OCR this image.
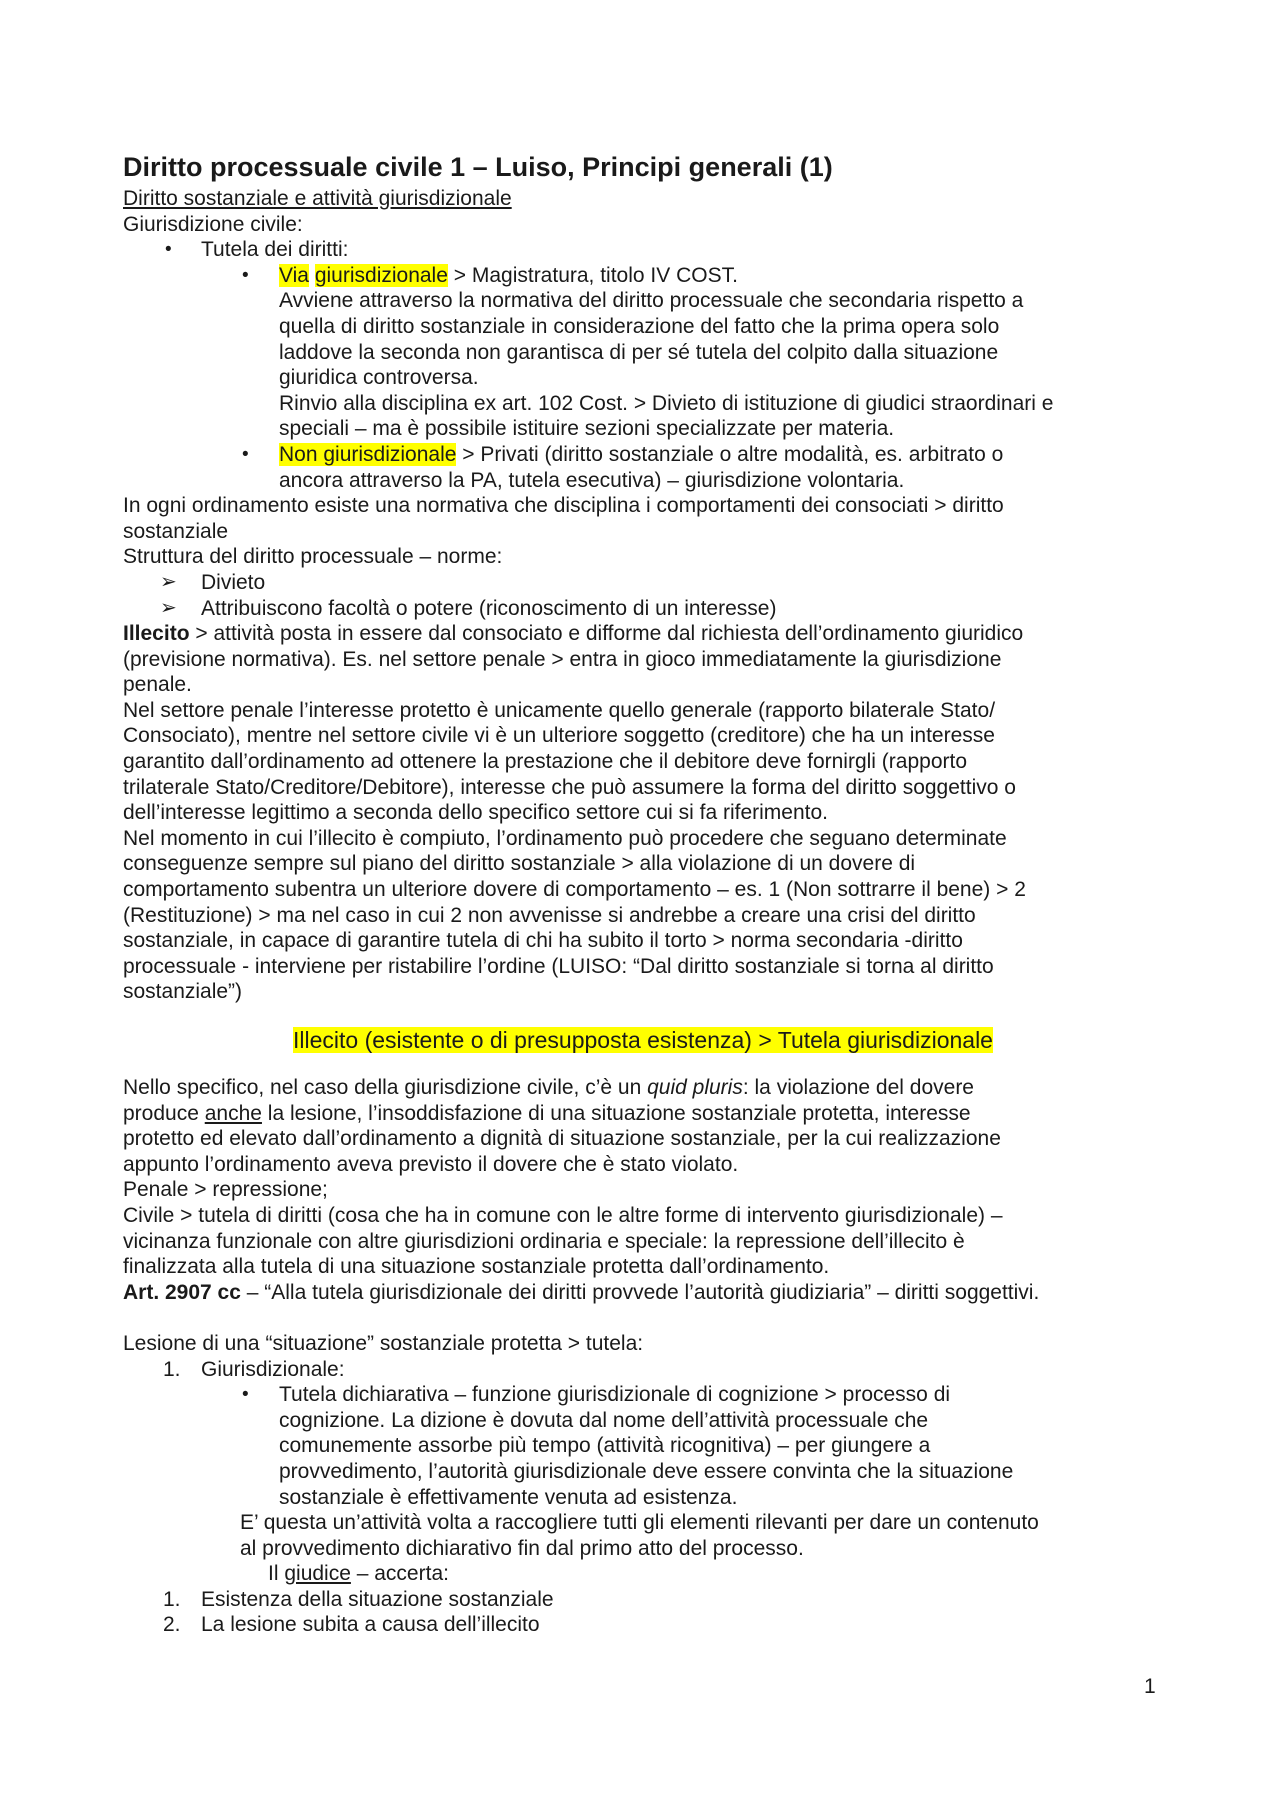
Diritto processuale civile 1 – Luiso, Principi generali (1)
Diritto sostanziale e attività giurisdizionale
Giurisdizione civile:
• Tutela dei diritti:
• Via giurisdizionale > Magistratura, titolo IV COST.
Avviene attraverso la normativa del diritto processuale che secondaria rispetto a
quella di diritto sostanziale in considerazione del fatto che la prima opera solo
laddove la seconda non garantisca di per sé tutela del colpito dalla situazione
giuridica controversa.
Rinvio alla disciplina ex art. 102 Cost. > Divieto di istituzione di giudici straordinari e
speciali – ma è possibile istituire sezioni specializzate per materia.
• Non giurisdizionale > Privati (diritto sostanziale o altre modalità, es. arbitrato o
ancora attraverso la PA, tutela esecutiva) – giurisdizione volontaria.
In ogni ordinamento esiste una normativa che disciplina i comportamenti dei consociati > diritto
sostanziale
Struttura del diritto processuale – norme:
➢ Divieto
➢ Attribuiscono facoltà o potere (riconoscimento di un interesse)
Illecito > attività posta in essere dal consociato e difforme dal richiesta dell’ordinamento giuridico
(previsione normativa). Es. nel settore penale > entra in gioco immediatamente la giurisdizione
penale.
Nel settore penale l’interesse protetto è unicamente quello generale (rapporto bilaterale Stato/
Consociato), mentre nel settore civile vi è un ulteriore soggetto (creditore) che ha un interesse
garantito dall’ordinamento ad ottenere la prestazione che il debitore deve fornirgli (rapporto
trilaterale Stato/Creditore/Debitore), interesse che può assumere la forma del diritto soggettivo o
dell’interesse legittimo a seconda dello specifico settore cui si fa riferimento.
Nel momento in cui l’illecito è compiuto, l’ordinamento può procedere che seguano determinate
conseguenze sempre sul piano del diritto sostanziale > alla violazione di un dovere di
comportamento subentra un ulteriore dovere di comportamento – es. 1 (Non sottrarre il bene) > 2
(Restituzione) > ma nel caso in cui 2 non avvenisse si andrebbe a creare una crisi del diritto
sostanziale, in capace di garantire tutela di chi ha subito il torto > norma secondaria -diritto
processuale - interviene per ristabilire l’ordine (LUISO: “Dal diritto sostanziale si torna al diritto
sostanziale”)
Illecito (esistente o di presupposta esistenza) > Tutela giurisdizionale
Nello specifico, nel caso della giurisdizione civile, c’è un quid pluris: la violazione del dovere
produce anche la lesione, l’insoddisfazione di una situazione sostanziale protetta, interesse
protetto ed elevato dall’ordinamento a dignità di situazione sostanziale, per la cui realizzazione
appunto l’ordinamento aveva previsto il dovere che è stato violato.
Penale > repressione;
Civile > tutela di diritti (cosa che ha in comune con le altre forme di intervento giurisdizionale) –
vicinanza funzionale con altre giurisdizioni ordinaria e speciale: la repressione dell’illecito è
finalizzata alla tutela di una situazione sostanziale protetta dall’ordinamento.
Art. 2907 cc – “Alla tutela giurisdizionale dei diritti provvede l’autorità giudiziaria” – diritti soggettivi.
Lesione di una “situazione” sostanziale protetta > tutela:
1. Giurisdizionale:
• Tutela dichiarativa – funzione giurisdizionale di cognizione > processo di
cognizione. La dizione è dovuta dal nome dell’attività processuale che
comunemente assorbe più tempo (attività ricognitiva) – per giungere a
provvedimento, l’autorità giurisdizionale deve essere convinta che la situazione
sostanziale è effettivamente venuta ad esistenza.
E’ questa un’attività volta a raccogliere tutti gli elementi rilevanti per dare un contenuto
al provvedimento dichiarativo fin dal primo atto del processo.
Il giudice – accerta:
1. Esistenza della situazione sostanziale
2. La lesione subita a causa dell’illecito
1
